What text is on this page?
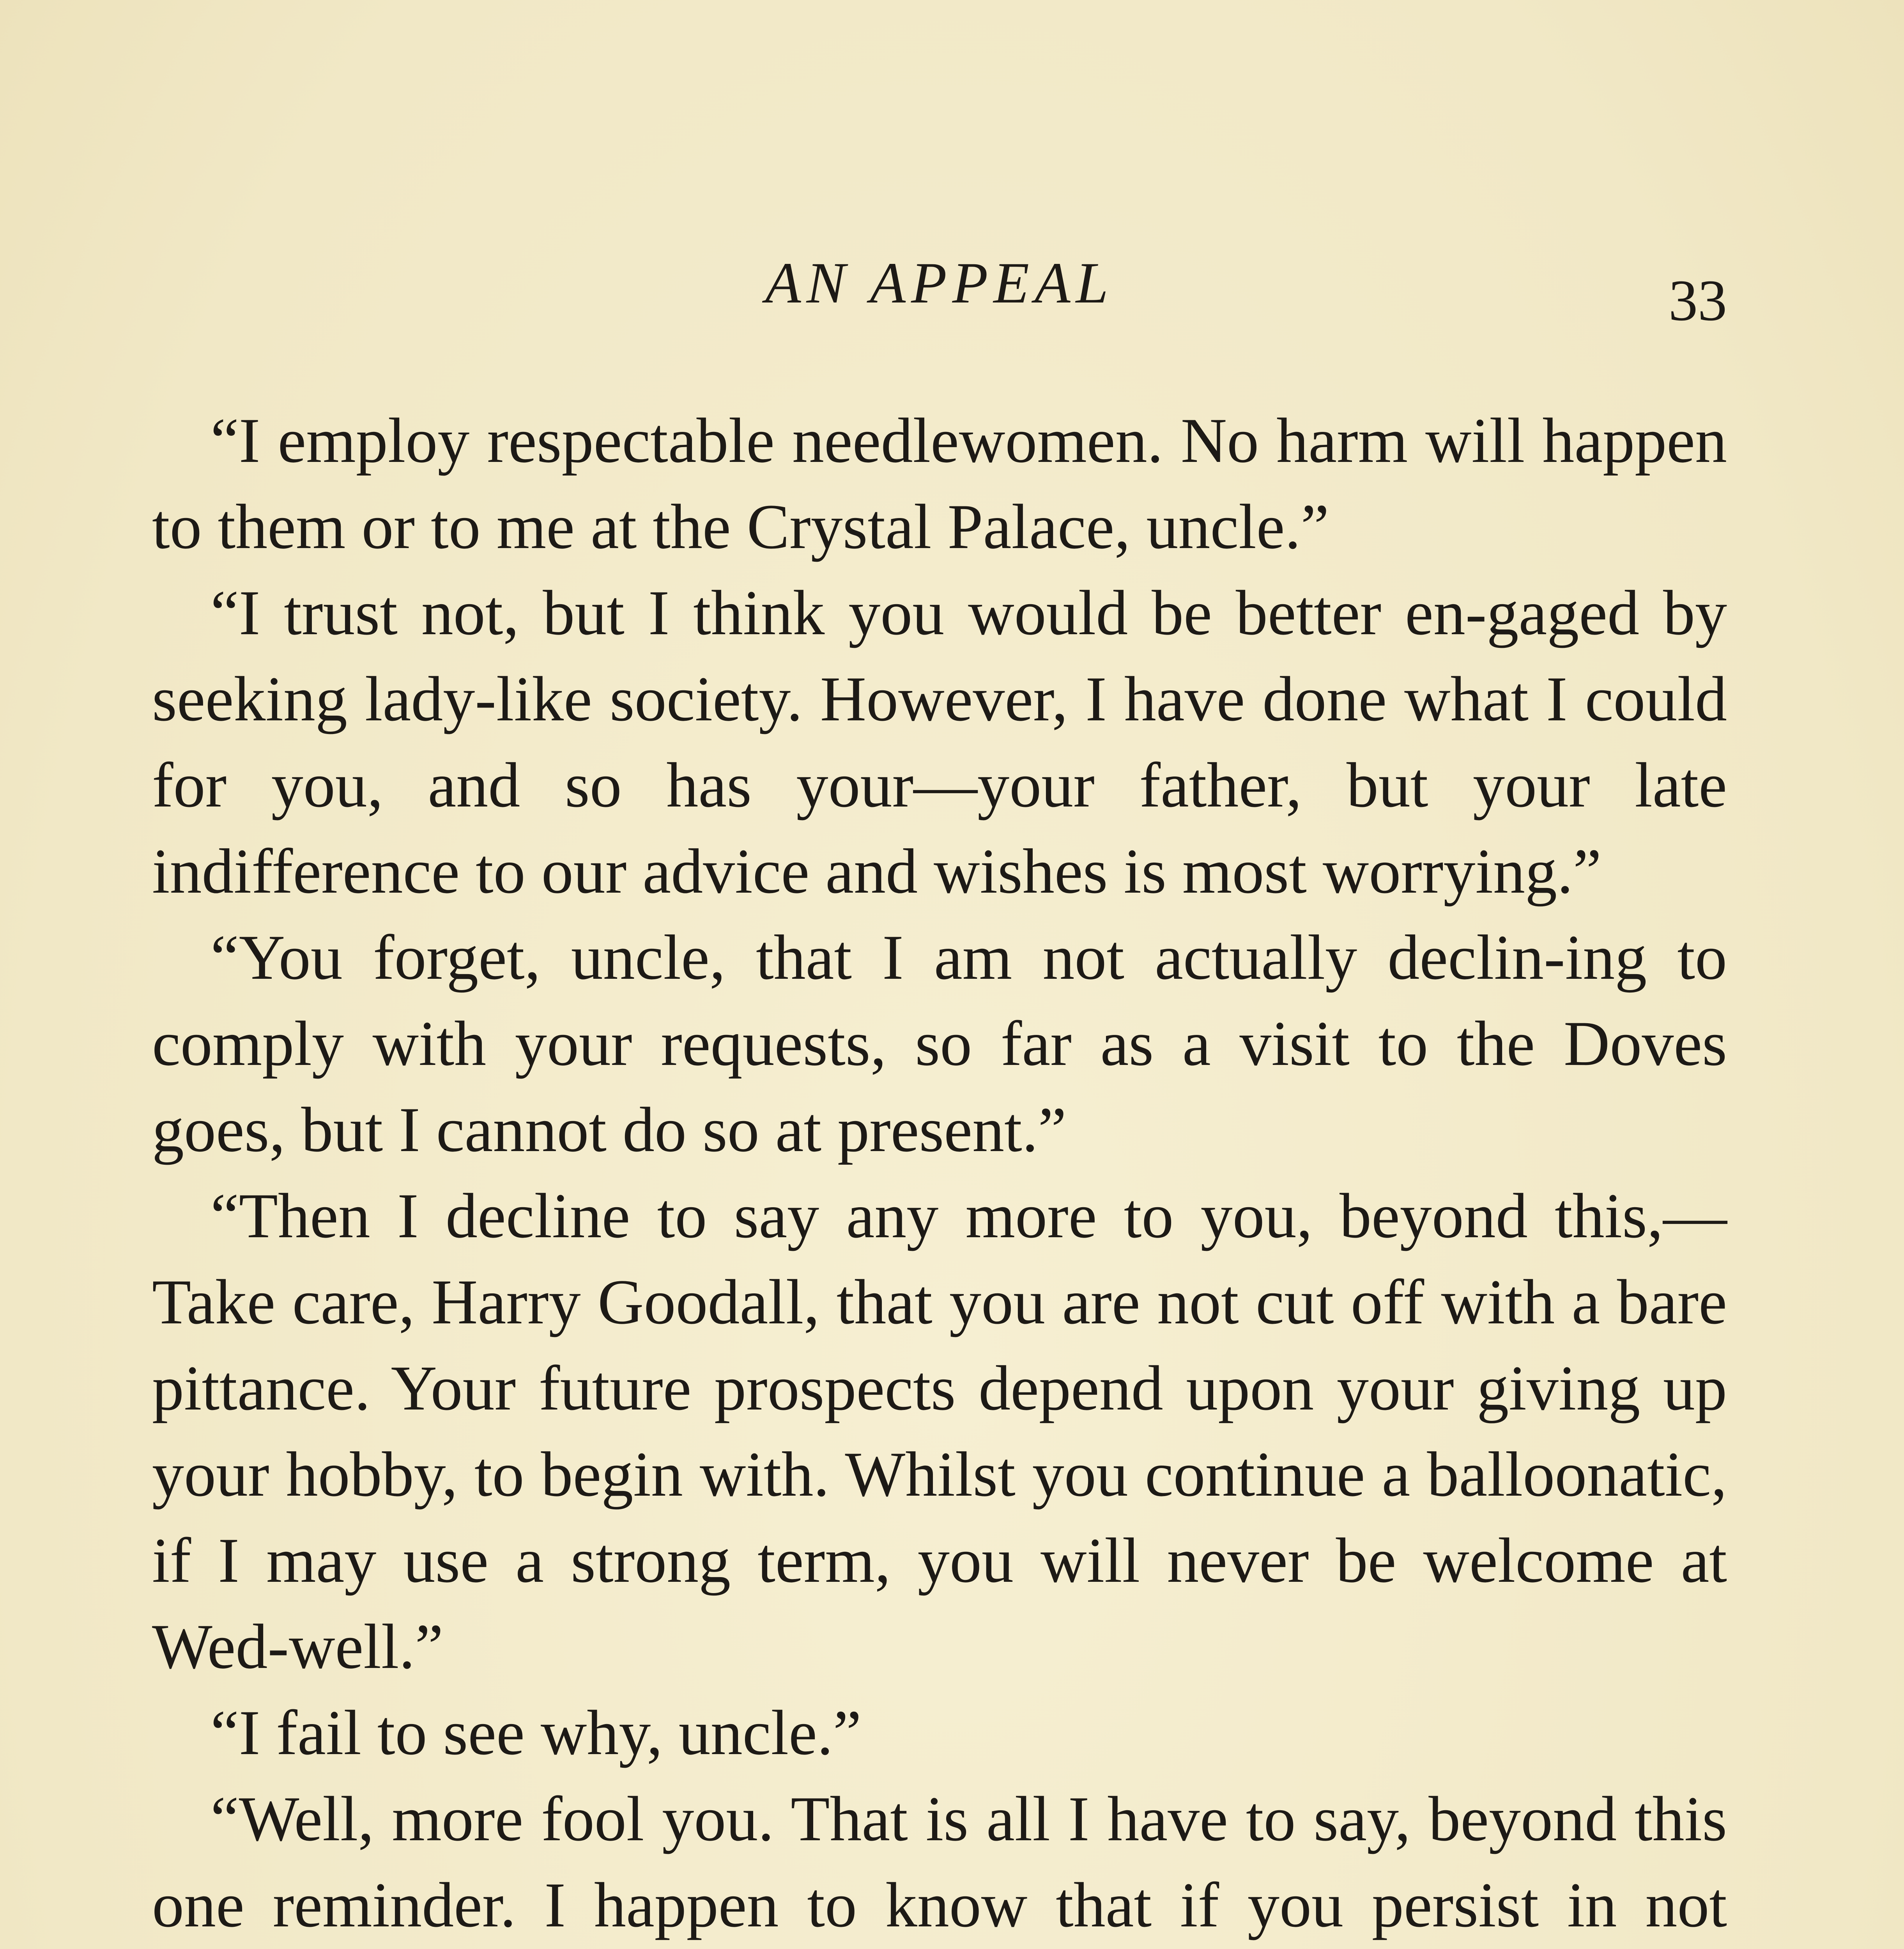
AN APPEAL	33

“I employ respectable needlewomen. No harm will happen to them or to me at the Crystal Palace, uncle.”

“I trust not, but I think you would be better en-gaged by seeking lady-like society. However, I have done what I could for you, and so has your—your father, but your late indifference to our advice and wishes is most worrying.”

“You forget, uncle, that I am not actually declin-ing to comply with your requests, so far as a visit to the Doves goes, but I cannot do so at present.”

“Then I decline to say any more to you, beyond this,—Take care, Harry Goodall, that you are not cut off with a bare pittance. Your future prospects depend upon your giving up your hobby, to begin with. Whilst you continue a balloonatic, if I may use a strong term, you will never be welcome at Wed-well.”

“I fail to see why, uncle.”

“Well, more fool you. That is all I have to say, beyond this one reminder. I happen to know that if you persist in not
